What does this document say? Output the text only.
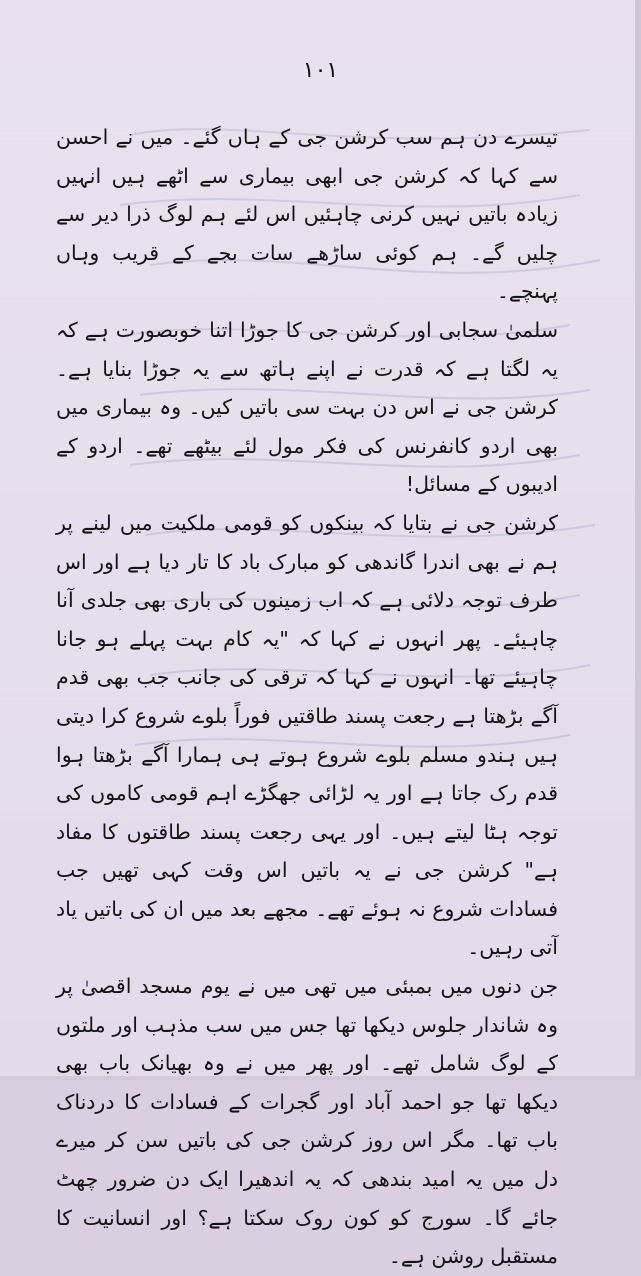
١٠١

تیسرے دن ہم سب کرشن جی کے ہاں گئے۔ میں نے احسن سے کہا کہ کرشن جی ابھی بیماری سے اٹھے ہیں انہیں زیادہ باتیں نہیں کرنی چاہئیں اس لئے ہم لوگ ذرا دیر سے چلیں گے۔ ہم کوئی ساڑھے سات بجے کے قریب وہاں پہنچے۔

سلمیٰ سجابی اور کرشن جی کا جوڑا اتنا خوبصورت ہے کہ یہ لگتا ہے کہ قدرت نے اپنے ہاتھ سے یہ جوڑا بنایا ہے۔ کرشن جی نے اس دن بہت سی باتیں کیں۔ وہ بیماری میں بھی اردو کانفرنس کی فکر مول لئے بیٹھے تھے۔ اردو کے ادیبوں کے مسائل!

کرشن جی نے بتایا کہ بینکوں کو قومی ملکیت میں لینے پر ہم نے بھی اندرا گاندھی کو مبارک باد کا تار دیا ہے اور اس طرف توجہ دلائی ہے کہ اب زمینوں کی باری بھی جلدی آنا چاہیئے۔ پھر انہوں نے کہا کہ "یہ کام بہت پہلے ہو جانا چاہیئے تھا۔ انہوں نے کہا کہ ترقی کی جانب جب بھی قدم آگے بڑھتا ہے رجعت پسند طاقتیں فوراً بلوے شروع کرا دیتی ہیں ہندو مسلم بلوے شروع ہوتے ہی ہمارا آگے بڑھتا ہوا قدم رک جاتا ہے اور یہ لڑائی جھگڑے اہم قومی کاموں کی توجہ ہٹا لیتے ہیں۔ اور یہی رجعت پسند طاقتوں کا مفاد ہے" کرشن جی نے یہ باتیں اس وقت کہی تھیں جب فسادات شروع نہ ہوئے تھے۔ مجھے بعد میں ان کی باتیں یاد آتی رہیں۔

جن دنوں میں بمبئی میں تھی میں نے یوم مسجد اقصیٰ پر وہ شاندار جلوس دیکھا تھا جس میں سب مذہب اور ملتوں کے لوگ شامل تھے۔ اور پھر میں نے وہ بھیانک باب بھی دیکھا تھا جو احمد آباد اور گجرات کے فسادات کا دردناک باب تھا۔ مگر اس روز کرشن جی کی باتیں سن کر میرے دل میں یہ امید بندھی کہ یہ اندھیرا ایک دن ضرور چھٹ جائے گا۔ سورج کو کون روک سکتا ہے؟ اور انسانیت کا مستقبل روشن ہے۔
